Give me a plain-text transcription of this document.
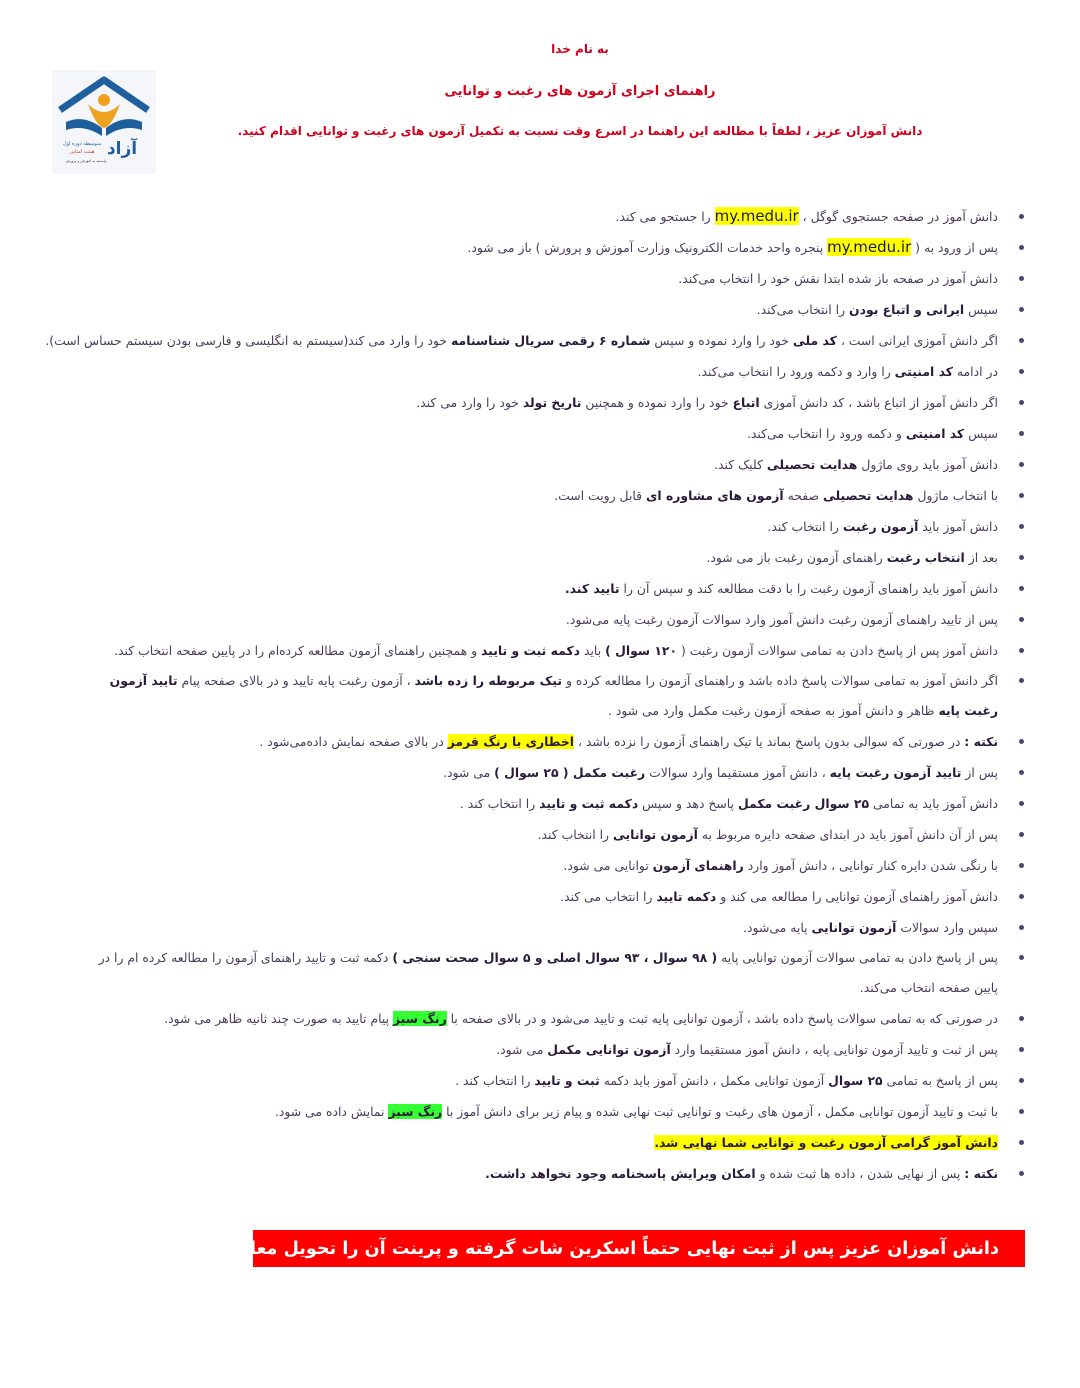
به نام خدا
راهنمای اجرای آزمون های رغبت و توانایی
دانش آموزان عزیز ، لطفاً با مطالعه این راهنما در اسرع وقت نسبت به تکمیل آزمون های رغبت و توانایی اقدام کنید.
آزاد
متوسطه دوره اول
هیئت امنایی
وابسته به آموزش و پرورش
دانش آموز در صفحه جستجوی گوگل ، my.medu.ir را جستجو می کند.
پس از ورود به ( my.medu.ir پنجره واحد خدمات الکترونیک وزارت آموزش و پرورش ) باز می شود.
دانش آموز در صفحه باز شده ابتدا نقش خود را انتخاب می‌کند.
سپس ایرانی و اتباع بودن را انتخاب می‌کند.
اگر دانش آموزی ایرانی است ، کد ملی خود را وارد نموده و سپس شماره ۶ رقمی سریال شناسنامه خود را وارد می کند(سیستم به انگلیسی و فارسی بودن سیستم حساس است).
در ادامه کد امنیتی را وارد و دکمه ورود را انتخاب می‌کند.
اگر دانش آموز از اتباع باشد ، کد دانش آموزی اتباع خود را وارد نموده و همچنین تاریخ تولد خود را وارد می کند.
سپس کد امنیتی و دکمه ورود را انتخاب می‌کند.
دانش آموز باید روی ماژول هدایت تحصیلی کلیک کند.
با انتخاب ماژول هدایت تحصیلی صفحه آزمون های مشاوره ای قابل رویت است.
دانش آموز باید آزمون رغبت را انتخاب کند.
بعد از انتخاب رغبت راهنمای آزمون رغبت باز می شود.
دانش آموز باید راهنمای آزمون رغبت را با دقت مطالعه کند و سپس آن را تایید کند.
پس از تایید راهنمای آزمون رغبت دانش آموز وارد سوالات آزمون رغبت پایه می‌شود.
دانش آموز پس از پاسخ دادن به تمامی سوالات آزمون رغبت ( ۱۲۰ سوال ) باید دکمه ثبت و تایید و همچنین راهنمای آزمون مطالعه کرده‌ام را در پایین صفحه انتخاب کند.
اگر دانش آموز به تمامی سوالات پاسخ داده باشد و راهنمای آزمون را مطالعه کرده و تیک مربوطه را زده باشد ، آزمون رغبت پایه تایید و در بالای صفحه پیام تایید آزمون رغبت پایه ظاهر و دانش آموز به صفحه آزمون رغبت مکمل وارد می شود .
نکته : در صورتی که سوالی بدون پاسخ بماند یا تیک راهنمای آزمون را نزده باشد ، اخطاری با رنگ قرمز در بالای صفحه نمایش داده‌می‌شود .
پس از تایید آزمون رغبت پایه ، دانش آموز مستقیما وارد سوالات رغبت مکمل ( ۲۵ سوال ) می شود.
دانش آموز باید به تمامی ۲۵ سوال رغبت مکمل پاسخ دهد و سپس دکمه ثبت و تایید را انتخاب کند .
پس از آن دانش آموز باید در ابتدای صفحه دایره مربوط به آزمون توانایی را انتخاب کند.
با رنگی شدن دایره کنار توانایی ، دانش آموز وارد راهنمای آزمون توانایی می شود.
دانش آموز راهنمای آزمون توانایی را مطالعه می کند و دکمه تایید را انتخاب می کند.
سپس وارد سوالات آزمون توانایی پایه می‌شود.
پس از پاسخ دادن به تمامی سوالات آزمون توانایی پایه ( ۹۸ سوال ، ۹۳ سوال اصلی و ۵ سوال صحت سنجی ) دکمه ثبت و تایید راهنمای آزمون را مطالعه کرده ام را در پایین صفحه انتخاب می‌کند.
در صورتی که به تمامی سوالات پاسخ داده باشد ، آزمون توانایی پایه ثبت و تایید می‌شود و در بالای صفحه با رنگ سبز پیام تایید به صورت چند ثانیه ظاهر می شود.
پس از ثبت و تایید آزمون توانایی پایه ، دانش آموز مستقیما وارد آزمون توانایی مکمل می شود.
پس از پاسخ به تمامی ۲۵ سوال آزمون توانایی مکمل ، دانش آموز باید دکمه ثبت و تایید را انتخاب کند .
با ثبت و تایید آزمون توانایی مکمل ، آزمون های رغبت و توانایی ثبت نهایی شده و پیام زیر برای دانش آموز با رنگ سبز نمایش داده می شود.
دانش آموز گرامی آزمون رغبت و توانایی شما نهایی شد.
نکته : پس از نهایی شدن ، داده ها ثبت شده و امکان ویرایش پاسخنامه وجود نخواهد داشت.
دانش آموزان عزیز پس از ثبت نهایی حتماً اسکرین شات گرفته و پرینت آن را تحویل معاون پایه دهند.
